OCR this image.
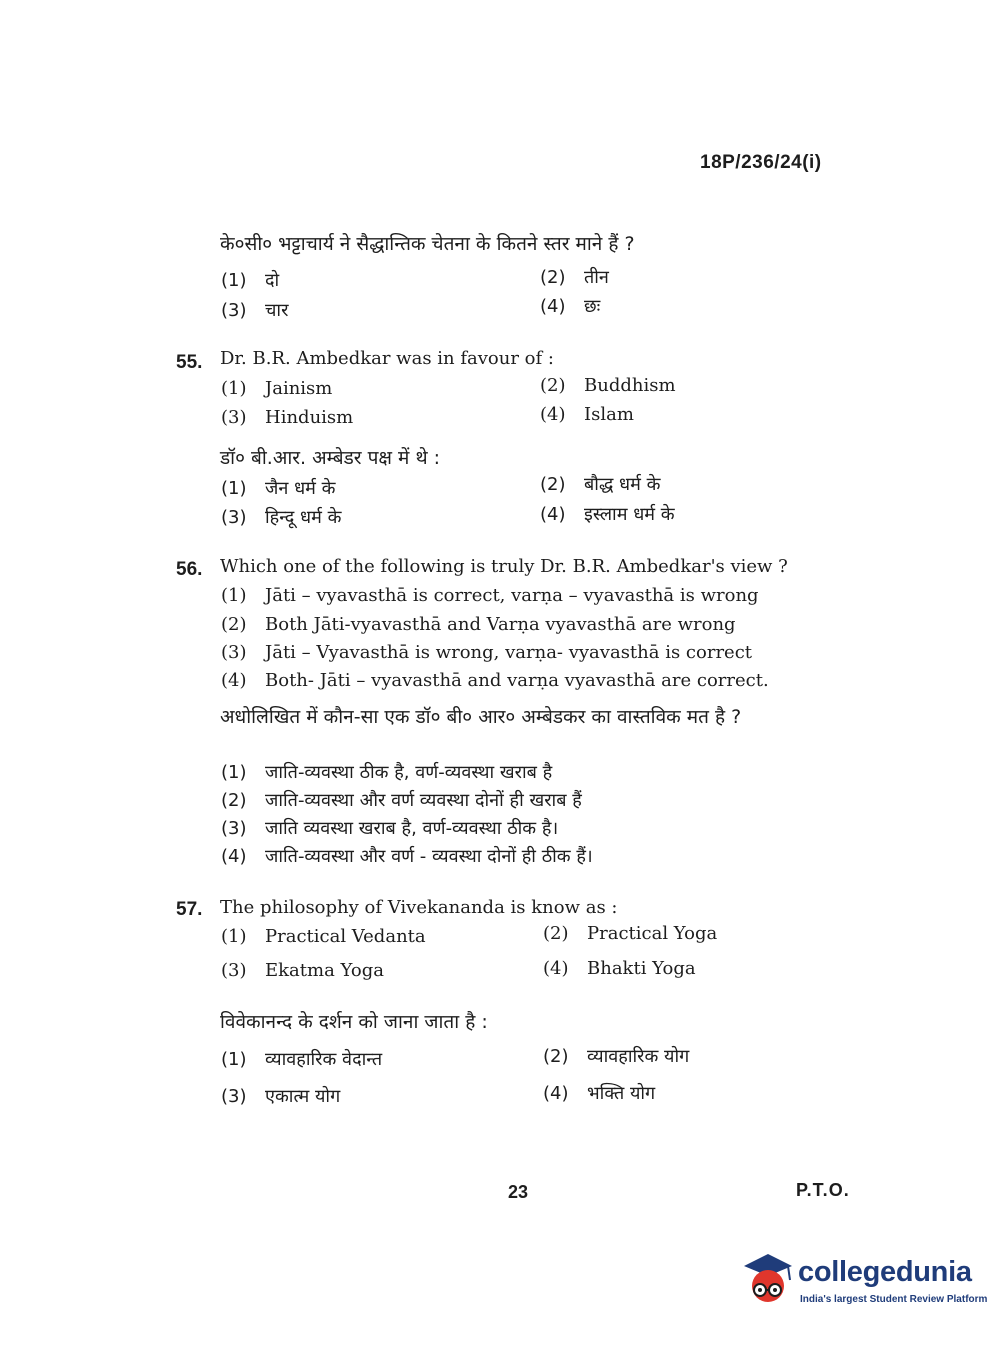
18P/236/24(i)
के०सी० भट्टाचार्य ने सैद्धान्तिक चेतना के कितने स्तर माने हैं ?
(1) दो	(2) तीन
(3) चार	(4) छः
55. Dr. B.R. Ambedkar was in favour of :
(1) Jainism	(2) Buddhism
(3) Hinduism	(4) Islam
डॉ० बी.आर. अम्बेडर पक्ष में थे :
(1) जैन धर्म के	(2) बौद्ध धर्म के
(3) हिन्दू धर्म के	(4) इस्लाम धर्म के
56. Which one of the following is truly Dr. B.R. Ambedkar's view ?
(1) Jāti – vyavasthā is correct, varṇa – vyavasthā is wrong
(2) Both Jāti-vyavasthā and Varṇa vyavasthā are wrong
(3) Jāti – Vyavasthā is wrong, varṇa- vyavasthā is correct
(4) Both- Jāti – vyavasthā and varṇa vyavasthā are correct.
अधोलिखित में कौन-सा एक डॉ० बी० आर० अम्बेडकर का वास्तविक मत है ?
(1) जाति-व्यवस्था ठीक है, वर्ण-व्यवस्था खराब है
(2) जाति-व्यवस्था और वर्ण व्यवस्था दोनों ही खराब हैं
(3) जाति व्यवस्था खराब है, वर्ण-व्यवस्था ठीक है।
(4) जाति-व्यवस्था और वर्ण - व्यवस्था दोनों ही ठीक हैं।
57. The philosophy of Vivekananda is know as :
(1) Practical Vedanta	(2) Practical Yoga
(3) Ekatma Yoga	(4) Bhakti Yoga
विवेकानन्द के दर्शन को जाना जाता है :
(1) व्यावहारिक वेदान्त	(2) व्यावहारिक योग
(3) एकात्म योग	(4) भक्ति योग
23	P.T.O.
collegedunia
India's largest Student Review Platform
